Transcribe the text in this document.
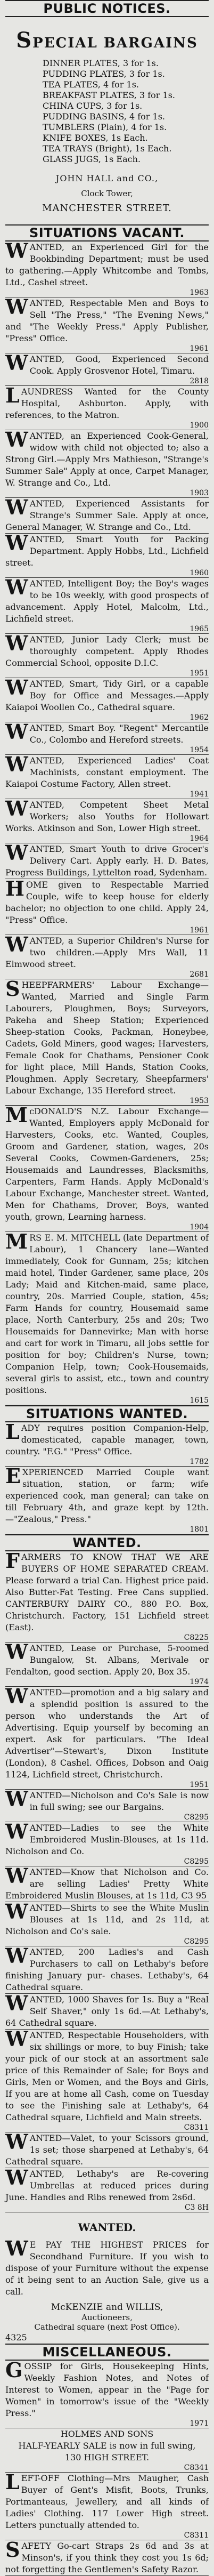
PUBLIC NOTICES.
SPECIAL BARGAINS
DINNER PLATES, 3 for 1s.
PUDDING PLATES, 3 for 1s.
TEA PLATES, 4 for 1s.
BREAKFAST PLATES, 3 for 1s.
CHINA CUPS, 3 for 1s.
PUDDING BASINS, 4 for 1s.
TUMBLERS (Plain), 4 for 1s.
KNIFE BOXES, 1s Each.
TEA TRAYS (Bright), 1s Each.
GLASS JUGS, 1s Each.
JOHN HALL and CO.,
Clock Tower,
MANCHESTER STREET.
SITUATIONS VACANT.
WANTED, an Experienced Girl for the Bookbinding Department; must be used to gathering.—Apply Whitcombe and Tombs, Ltd., Cashel street.
1963
WANTED, Respectable Men and Boys to Sell "The Press," "The Evening News," and "The Weekly Press." Apply Publisher, "Press" Office.
1961
WANTED, Good, Experienced Second Cook. Apply Grosvenor Hotel, Timaru.
2818
LAUNDRESS Wanted for the County Hospital, Ashburton. Apply, with references, to the Matron.
1900
WANTED, an Experienced Cook-General, widow with child not objected to; also a Strong Girl.—Apply Mrs Mathieson, "Strange's Summer Sale" Apply at once, Carpet Manager, W. Strange and Co., Ltd.
1903
WANTED, Experienced Assistants for Strange's Summer Sale. Apply at once, General Manager, W. Strange and Co., Ltd.
WANTED, Smart Youth for Packing Department. Apply Hobbs, Ltd., Lichfield street.
1960
WANTED, Intelligent Boy; the Boy's wages to be 10s weekly, with good prospects of advancement. Apply Hotel, Malcolm, Ltd., Lichfield street.
1965
WANTED, Junior Lady Clerk; must be thoroughly competent. Apply Rhodes Commercial School, opposite D.I.C.
1951
WANTED, Smart, Tidy Girl, or a capable Boy for Office and Messages.—Apply Kaiapoi Woollen Co., Cathedral square.
1962
WANTED, Smart Boy. "Regent" Mercantile Co., Colombo and Hereford streets.
1954
WANTED, Experienced Ladies' Coat Machinists, constant employment. The Kaiapoi Costume Factory, Allen street.
1941
WANTED, Competent Sheet Metal Workers; also Youths for Hollowart Works. Atkinson and Son, Lower High street.
1964
WANTED, Smart Youth to drive Grocer's Delivery Cart. Apply early. H. D. Bates, Progress Buildings, Lyttelton road, Sydenham.
HOME given to Respectable Married Couple, wife to keep house for elderly bachelor; no objection to one child. Apply 24, "Press" Office.
1961
WANTED, a Superior Children's Nurse for two children.—Apply Mrs Wall, 11 Elmwood street.
2681
SHEEPFARMERS' Labour Exchange—Wanted, Married and Single Farm Labourers, Ploughmen, Boys; Surveyors, Pakeha and Sheep Station; Experienced Sheep-station Cooks, Packman, Honeybee, Cadets, Gold Miners, good wages; Harvesters, Female Cook for Chathams, Pensioner Cook for light place, Mill Hands, Station Cooks, Ploughmen. Apply Secretary, Sheepfarmers' Labour Exchange, 135 Hereford street.
1953
McDONALD'S N.Z. Labour Exchange—Wanted, Employers apply McDonald for Harvesters, Cooks, etc. Wanted, Couples, Groom and Gardener, station, wages, 20s Several Cooks, Cowmen-Gardeners, 25s; Housemaids and Laundresses, Blacksmiths, Carpenters, Farm Hands. Apply McDonald's Labour Exchange, Manchester street. Wanted, Men for Chathams, Drover, Boys, wanted youth, grown, Learning harness.
1904
MRS E. M. MITCHELL (late Department of Labour), 1 Chancery lane—Wanted immediately, Cook for Gunnam, 25s; kitchen maid hotel, Tinder Gardener, same place, 20s Lady; Maid and Kitchen-maid, same place, country, 20s. Married Couple, station, 45s; Farm Hands for country, Housemaid same place, North Canterbury, 25s and 20s; Two Housemaids for Dannevirke; Man with horse and cart for work in Timaru, all jobs settle for position for boy; Children's Nurse, town; Companion Help, town; Cook-Housemaids, several girls to assist, etc., town and country positions.
1615
SITUATIONS WANTED.
LADY requires position Companion-Help, domesticated, capable manager, town, country. "F.G." "Press" Office.
1782
EXPERIENCED Married Couple want situation, station, or farm; wife experienced cook, man general; can take on till February 4th, and graze kept by 12th.—"Zealous," Press."
1801
WANTED.
FARMERS TO KNOW THAT WE ARE BUYERS OF HOME SEPARATED CREAM. Please forward a trial Can. Highest price paid. Also Butter-Fat Testing. Free Cans supplied. CANTERBURY DAIRY CO., 880 P.O. Box, Christchurch. Factory, 151 Lichfield street (East).
C8225
WANTED, Lease or Purchase, 5-roomed Bungalow, St. Albans, Merivale or Fendalton, good section. Apply 20, Box 35.
1974
WANTED—promotion and a big salary and a splendid position is assured to the person who understands the Art of Advertising. Equip yourself by becoming an expert. Ask for particulars. "The Ideal Advertiser"—Stewart's, Dixon Institute (London), 8 Cashel. Offices, Dobson and Oaig 1124, Lichfield street, Christchurch.
1951
WANTED—Nicholson and Co's Sale is now in full swing; see our Bargains.
C8295
WANTED—Ladies to see the White Embroidered Muslin-Blouses, at 1s 11d. Nicholson and Co.
C8295
WANTED—Know that Nicholson and Co. are selling Ladies' Pretty White Embroidered Muslin Blouses, at 1s 11d, C3 95
WANTED—Shirts to see the White Muslin Blouses at 1s 11d, and 2s 11d, at Nicholson and Co's sale.
C8295
WANTED, 200 Ladies's and Cash Purchasers to call on Lethaby's before finishing January pur- chases. Lethaby's, 64 Cathedral square.
WANTED, 1000 Shaves for 1s. Buy a "Real Self Shaver," only 1s 6d.—At Lethaby's, 64 Cathedral square.
WANTED, Respectable Householders, with six shillings or more, to buy Finish; take your pick of our stock at an assortment sale price of this Remainder of Sale; for Boys and Girls, Men or Women, and the Boys and Girls, If you are at home all Cash, come on Tuesday to see the Finishing sale at Lethaby's, 64 Cathedral square, Lichfield and Main streets.
C8311
WANTED—Valet, to your Scissors ground, 1s set; those sharpened at Lethaby's, 64 Cathedral square.
WANTED, Lethaby's are Re-covering Umbrellas at reduced prices during June. Handles and Ribs renewed from 2s6d.
C3 8H
WANTED.
W E PAY THE HIGHEST PRICES for Secondhand Furniture. If you wish to dispose of your Furniture without the expense of it being sent to an Auction Sale, give us a call.
McKENZIE and WILLIS,
Auctioneers,
Cathedral square (next Post Office).
4325
MISCELLANEOUS.
GOSSIP for Girls, Housekeeping Hints, Weekly Fashion Notes, and Notes of Interest to Women, appear in the "Page for Women" in tomorrow's issue of the "Weekly Press."
1971
HOLMES AND SONS
HALF-YEARLY SALE is now in full swing,
130 HIGH STREET.
C8341
LEFT-OFF Clothing—Mrs Maugher, Cash Buyer of Gent's Misfit, Boots, Trunks, Portmanteaus, Jewellery, and all kinds of Ladies' Clothing. 117 Lower High street. Letters punctually attended to.
C8311
SAFETY Go-cart Straps 2s 6d and 3s at Minson's, if you think they cost you 1s 6d; not forgetting the Gentlemen's Safety Razor.
